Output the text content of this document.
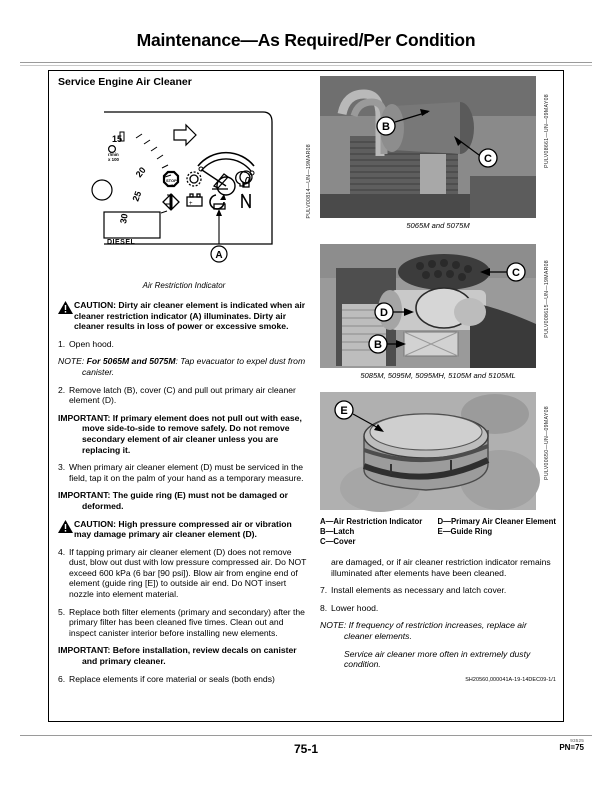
Maintenance—As Required/Per Condition
Service Engine Air Cleaner
15
20
25
30
r/min
x 100
0
DIESEL
STOP
+
A
PULV00814—UN—19MAR08
Air Restriction Indicator
CAUTION: Dirty air cleaner element is indicated when air cleaner restriction indicator (A) illuminates. Dirty air cleaner results in loss of power or excessive smoke.
1. Open hood.
NOTE: For 5065M and 5075M: Tap evacuator to expel dust from canister.
2. Remove latch (B), cover (C) and pull out primary air cleaner element (D).
IMPORTANT: If primary element does not pull out with ease, move side-to-side to remove safely. Do not remove secondary element of air cleaner unless you are replacing it.
3. When primary air cleaner element (D) must be serviced in the field, tap it on the palm of your hand as a temporary measure.
IMPORTANT: The guide ring (E) must not be damaged or deformed.
CAUTION: High pressure compressed air or vibration may damage primary air cleaner element (D).
4. If tapping primary air cleaner element (D) does not remove dust, blow out dust with low pressure compressed air. Do NOT exceed 600 kPa (6 bar [90 psi]). Blow air from engine end of element (guide ring [E]) to outside air end. Do NOT insert nozzle into element material.
5. Replace both filter elements (primary and secondary) after the primary filter has been cleaned five times. Clean out and inspect canister interior before installing new elements.
IMPORTANT: Before installation, review decals on canister and primary cleaner.
6. Replace elements if core material or seals (both ends)
B
C	PULV08661—UN—09MAY08
5065M and 5075M
C
D
B
PULV008615—UN—19MAR08
5085M, 5095M, 5095MH, 5105M and 5105ML
E	PULV00650—UN—09MAY08
A—Air Restriction Indicator
B—Latch
C—Cover
D—Primary Air Cleaner Element
E—Guide Ring

are damaged, or if air cleaner restriction indicator remains illuminated after elements have been cleaned.

7. Install elements as necessary and latch cover.
8. Lower hood.
NOTE: If frequency of restriction increases, replace air cleaner elements.
Service air cleaner more often in extremely dusty condition.
SH20560,000041A-19-14DEC09-1/1
75-1
93525
PN=75
